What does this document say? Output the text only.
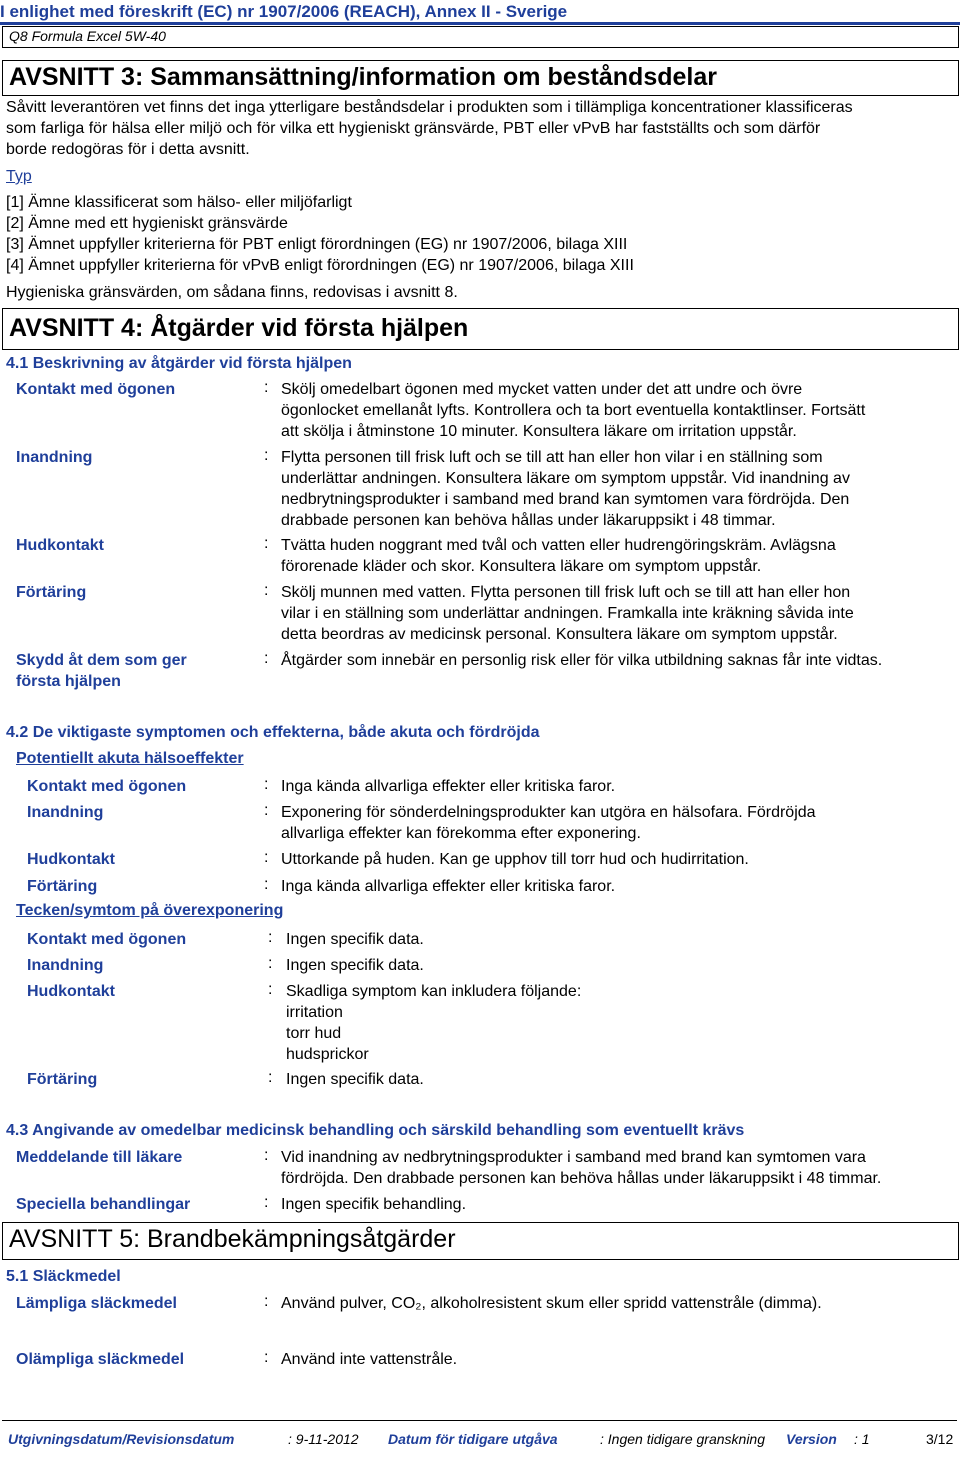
I enlighet med föreskrift (EC) nr 1907/2006 (REACH), Annex II - Sverige
Q8 Formula Excel 5W-40
AVSNITT 3: Sammansättning/information om beståndsdelar
Såvitt leverantören vet finns det inga ytterligare beståndsdelar i produkten som i tillämpliga koncentrationer klassificeras
som farliga för hälsa eller miljö och för vilka ett hygieniskt gränsvärde, PBT eller vPvB har fastställts och som därför
borde redogöras för i detta avsnitt.
Typ
[1] Ämne klassificerat som hälso- eller miljöfarligt
[2] Ämne med ett hygieniskt gränsvärde
[3] Ämnet uppfyller kriterierna för PBT enligt förordningen (EG) nr 1907/2006, bilaga XIII
[4] Ämnet uppfyller kriterierna för vPvB enligt förordningen (EG) nr 1907/2006, bilaga XIII
Hygieniska gränsvärden, om sådana finns, redovisas i avsnitt 8.
AVSNITT 4: Åtgärder vid första hjälpen
4.1 Beskrivning av åtgärder vid första hjälpen
Kontakt med ögonen	: Skölj omedelbart ögonen med mycket vatten under det att undre och övre
ögonlocket emellanåt lyfts. Kontrollera och ta bort eventuella kontaktlinser. Fortsätt
att skölja i åtminstone 10 minuter. Konsultera läkare om irritation uppstår.
Inandning	: Flytta personen till frisk luft och se till att han eller hon vilar i en ställning som
underlättar andningen. Konsultera läkare om symptom uppstår. Vid inandning av
nedbrytningsprodukter i samband med brand kan symtomen vara fördröjda. Den
drabbade personen kan behöva hållas under läkaruppsikt i 48 timmar.
Hudkontakt	: Tvätta huden noggrant med tvål och vatten eller hudrengöringskräm. Avlägsna
förorenade kläder och skor. Konsultera läkare om symptom uppstår.
Förtäring	: Skölj munnen med vatten. Flytta personen till frisk luft och se till att han eller hon
vilar i en ställning som underlättar andningen. Framkalla inte kräkning såvida inte
detta beordras av medicinsk personal. Konsultera läkare om symptom uppstår.
Skydd åt dem som ger
första hjälpen
: Åtgärder som innebär en personlig risk eller för vilka utbildning saknas får inte vidtas.
4.2 De viktigaste symptomen och effekterna, både akuta och fördröjda
Potentiellt akuta hälsoeffekter
Kontakt med ögonen	: Inga kända allvarliga effekter eller kritiska faror.
Inandning	: Exponering för sönderdelningsprodukter kan utgöra en hälsofara. Fördröjda
allvarliga effekter kan förekomma efter exponering.
Hudkontakt	: Uttorkande på huden. Kan ge upphov till torr hud och hudirritation.
Förtäring	: Inga kända allvarliga effekter eller kritiska faror.
Tecken/symtom på överexponering
Kontakt med ögonen	: Ingen specifik data.
Inandning	: Ingen specifik data.
Hudkontakt	: Skadliga symptom kan inkludera följande:
irritation
torr hud
hudsprickor
Förtäring	: Ingen specifik data.
4.3 Angivande av omedelbar medicinsk behandling och särskild behandling som eventuellt krävs
Meddelande till läkare	: Vid inandning av nedbrytningsprodukter i samband med brand kan symtomen vara
fördröjda. Den drabbade personen kan behöva hållas under läkaruppsikt i 48 timmar.
Speciella behandlingar	: Ingen specifik behandling.
AVSNITT 5: Brandbekämpningsåtgärder
5.1 Släckmedel
Lämpliga släckmedel	: Använd pulver, CO₂, alkoholresistent skum eller spridd vattenstråle (dimma).
Olämpliga släckmedel	: Använd inte vattenstråle.
Utgivningsdatum/Revisionsdatum	: 9-11-2012 Datum för tidigare utgåva	: Ingen tidigare granskning Version : 1	3/12
